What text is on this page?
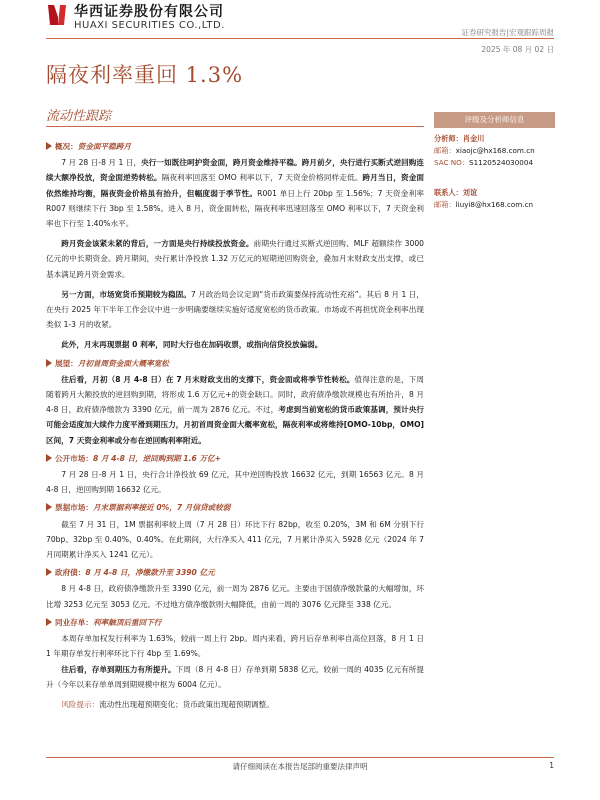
华西证券股份有限公司
HUAXI SECURITIES CO.,LTD.
证券研究报告|宏观跟踪周报
2025 年 08 月 02 日
隔夜利率重回 1.3%
流动性跟踪	评级及分析师信息
分析师：肖金川
邮箱：xiaojc@hx168.com.cn
SAC NO：S1120524030004
联系人：刘谊
邮箱：liuyi8@hx168.com.cn
概况：资金面平稳跨月

7 月 28 日-8 月 1 日，央行一如既往呵护资金面，跨月资金维持平稳。跨月前夕，央行进行买断式逆回购连续大额净投放，资金面逆势转松。隔夜利率回落至 OMO 利率以下，7 天资金价格同样走低。跨月当日，资金面依然维持均衡，隔夜资金价格虽有抬升，但幅度弱于季节性。R001 单日上行 20bp 至 1.56%；7 天资金利率 R007 则继续下行 3bp 至 1.58%。进入 8 月，资金面转松，隔夜利率迅速回落至 OMO 利率以下，7 天资金利率也下行至 1.40%水平。

跨月资金该紧未紧的背后，一方面是央行持续投放资金。前期央行通过买断式逆回购、MLF 超额续作 3000 亿元的中长期资金。跨月期间，央行累计净投放 1.32 万亿元的短期逆回购资金，叠加月末财政支出支撑，或已基本满足跨月资金需求。

另一方面，市场宽货币预期较为稳固。7 月政治局会议定调“货币政策要保持流动性充裕”。其后 8 月 1 日，在央行 2025 年下半年工作会议中进一步明确要继续实施好适度宽松的货币政策。市场或不再担忧资金利率出现类似 1-3 月的收紧。

此外，月末再现票据 0 利率，同时大行也在加码收票，或指向信贷投放偏弱。

展望：月初首周资金面大概率宽松

往后看，月初（8 月 4-8 日）在 7 月末财政支出的支撑下，资金面或将季节性转松。值得注意的是，下周随着跨月大额投放的逆回购到期，将形成 1.6 万亿元+的资金缺口。同时，政府债净缴款规模也有所抬升，8 月 4-8 日，政府债净缴款为 3390 亿元，前一周为 2876 亿元。不过，考虑到当前宽松的货币政策基调，预计央行可能会适度加大续作力度平滑到期压力，月初首周资金面大概率宽松，隔夜利率或将维持[OMO-10bp，OMO]区间，7 天资金利率或分布在逆回购利率附近。

公开市场：8 月 4-8 日，逆回购到期 1.6 万亿+

7 月 28 日-8 月 1 日，央行合计净投放 69 亿元，其中逆回购投放 16632 亿元，到期 16563 亿元。8 月 4-8 日，逆回购到期 16632 亿元。

票据市场：月末票据利率接近 0%，7 月信贷或较弱

截至 7 月 31 日，1M 票据利率较上周（7 月 28 日）环比下行 82bp，收至 0.20%，3M 和 6M 分别下行 70bp、32bp 至 0.40%、0.40%。在此期间，大行净买入 411 亿元，7 月累计净买入 5928 亿元（2024 年 7 月同期累计净买入 1241 亿元）。

政府债：8 月 4-8 日，净缴款升至 3390 亿元

8 月 4-8 日，政府债净缴款升至 3390 亿元，前一周为 2876 亿元。主要由于国债净缴款量的大幅增加，环比增 3253 亿元至 3053 亿元。不过地方债净缴款则大幅降低，由前一周的 3076 亿元降至 338 亿元。

同业存单：利率触顶后重回下行

本周存单加权发行利率为 1.63%，较前一周上行 2bp。周内来看，跨月后存单利率自高位回落，8 月 1 日 1 年期存单发行利率环比下行 4bp 至 1.69%。

往后看，存单到期压力有所提升。下周（8 月 4-8 日）存单到期 5838 亿元，较前一周的 4035 亿元有所提升（今年以来存单单周到期规模中枢为 6004 亿元）。

风险提示：流动性出现超预期变化；货币政策出现超预期调整。

请仔细阅读在本报告尾部的重要法律声明	1
